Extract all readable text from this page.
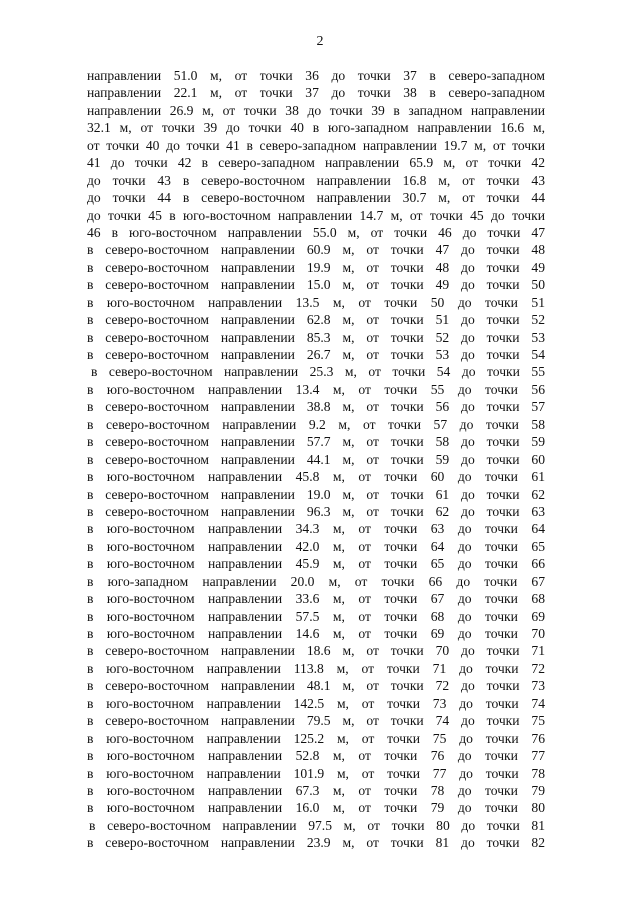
2
направлении 51.0 м, от точки 36 до точки 37 в северо-западном
направлении 22.1 м, от точки 37 до точки 38 в северо-западном
направлении 26.9 м, от точки 38 до точки 39 в западном направлении
32.1 м, от точки 39 до точки 40 в юго-западном направлении 16.6 м,
от точки 40 до точки 41 в северо-западном направлении 19.7 м, от точки
41 до точки 42 в северо-западном направлении 65.9 м, от точки 42
до точки 43 в северо-восточном направлении 16.8 м, от точки 43
до точки 44 в северо-восточном направлении 30.7 м, от точки 44
до точки 45 в юго-восточном направлении 14.7 м, от точки 45 до точки
46 в юго-восточном направлении 55.0 м, от точки 46 до точки 47
в северо-восточном направлении 60.9 м, от точки 47 до точки 48
в северо-восточном направлении 19.9 м, от точки 48 до точки 49
в северо-восточном направлении 15.0 м, от точки 49 до точки 50
в юго-восточном направлении 13.5 м, от точки 50 до точки 51
в северо-восточном направлении 62.8 м, от точки 51 до точки 52
в северо-восточном направлении 85.3 м, от точки 52 до точки 53
в северо-восточном направлении 26.7 м, от точки 53 до точки 54
в северо-восточном направлении 25.3 м, от точки 54 до точки 55
в юго-восточном направлении 13.4 м, от точки 55 до точки 56
в северо-восточном направлении 38.8 м, от точки 56 до точки 57
в северо-восточном направлении 9.2 м, от точки 57 до точки 58
в северо-восточном направлении 57.7 м, от точки 58 до точки 59
в северо-восточном направлении 44.1 м, от точки 59 до точки 60
в юго-восточном направлении 45.8 м, от точки 60 до точки 61
в северо-восточном направлении 19.0 м, от точки 61 до точки 62
в северо-восточном направлении 96.3 м, от точки 62 до точки 63
в юго-восточном направлении 34.3 м, от точки 63 до точки 64
в юго-восточном направлении 42.0 м, от точки 64 до точки 65
в юго-восточном направлении 45.9 м, от точки 65 до точки 66
в юго-западном направлении 20.0 м, от точки 66 до точки 67
в юго-восточном направлении 33.6 м, от точки 67 до точки 68
в юго-восточном направлении 57.5 м, от точки 68 до точки 69
в юго-восточном направлении 14.6 м, от точки 69 до точки 70
в северо-восточном направлении 18.6 м, от точки 70 до точки 71
в юго-восточном направлении 113.8 м, от точки 71 до точки 72
в северо-восточном направлении 48.1 м, от точки 72 до точки 73
в юго-восточном направлении 142.5 м, от точки 73 до точки 74
в северо-восточном направлении 79.5 м, от точки 74 до точки 75
в юго-восточном направлении 125.2 м, от точки 75 до точки 76
в юго-восточном направлении 52.8 м, от точки 76 до точки 77
в юго-восточном направлении 101.9 м, от точки 77 до точки 78
в юго-восточном направлении 67.3 м, от точки 78 до точки 79
в юго-восточном направлении 16.0 м, от точки 79 до точки 80
в северо-восточном направлении 97.5 м, от точки 80 до точки 81
в северо-восточном направлении 23.9 м, от точки 81 до точки 82
